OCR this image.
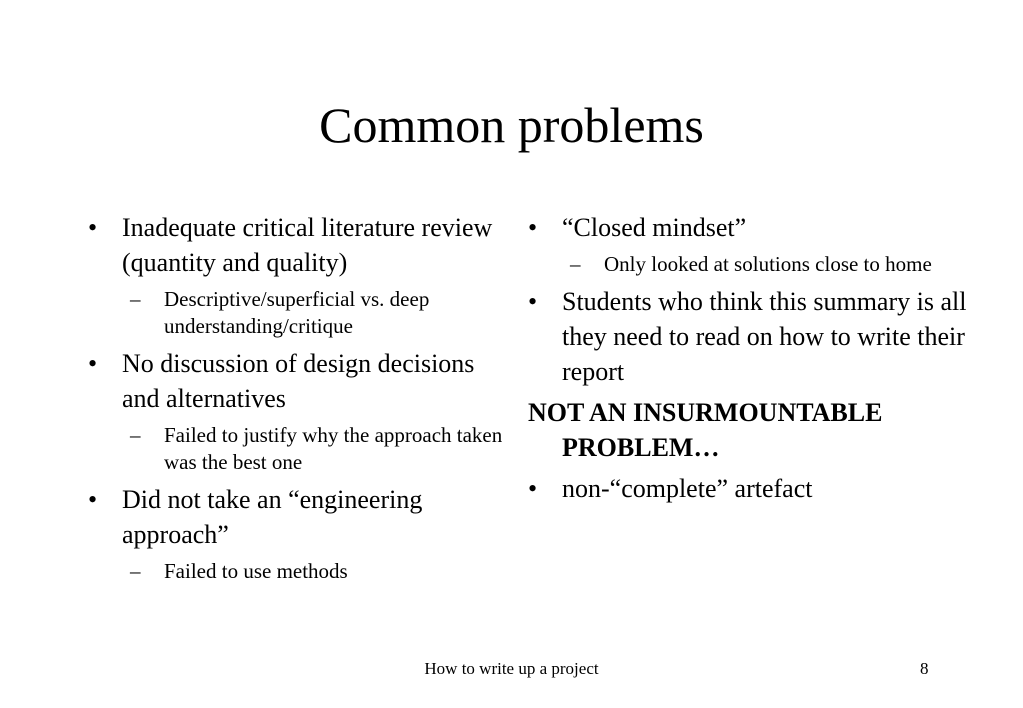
Common problems
• Inadequate critical literature review (quantity and quality)
–	Descriptive/superficial vs. deep understanding/critique
• No discussion of design decisions and alternatives
–	Failed to justify why the approach taken was the best one
• Did not take an “engineering approach”
–	Failed to use methods
• “Closed mindset”
–	Only looked at solutions close to home
• Students who think this summary is all they need to read on how to write their report
NOT AN INSURMOUNTABLE PROBLEM…
• non-“complete” artefact
How to write up a project	8
